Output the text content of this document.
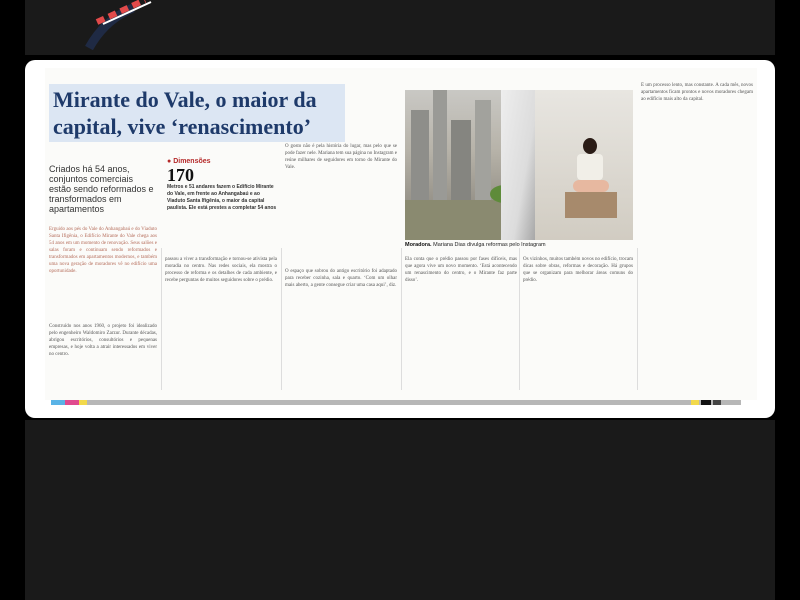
Mirante do Vale, o maior da capital, vive ‘renascimento’
Criados há 54 anos, conjuntos comerciais estão sendo reformados e transformados em apartamentos
● Dimensões
170
Metros e 51 andares fazem o Edifício Mirante do Vale, em frente ao Anhangabaú e ao Viaduto Santa Ifigênia, o maior da capital paulista. Ele está prestes a completar 54 anos
Moradora. Mariana Dias divulga reformas pelo Instagram
Erguido aos pés do Vale do Anhangabaú e do Viaduto Santa Ifigênia, o Edifício Mirante do Vale chega aos 54 anos em um momento de renovação. Seus salões e salas foram e continuam sendo reformados e transformados em apartamentos modernos, e também uma nova geração de moradores vê no edifício uma oportunidade.
Construído nos anos 1960, o projeto foi idealizado pelo engenheiro Waldomiro Zarzur. Durante décadas, abrigou escritórios, consultórios e pequenas empresas, e hoje volta a atrair interessados em viver no centro.
passou a viver a transformação e tornou-se ativista pela moradia no centro. Nas redes sociais, ela mostra o processo de reforma e os detalhes de cada ambiente, e recebe perguntas de muitos seguidores sobre o prédio.
O gosto não é pela história do lugar, mas pelo que se pode fazer nele. Mariana tem sua página no Instagram e reúne milhares de seguidores em torno do Mirante do Vale.
O espaço que sobrou do antigo escritório foi adaptado para receber cozinha, sala e quarto. ‘Com um olhar mais aberto, a gente consegue criar uma casa aqui’, diz.
Ela conta que o prédio passou por fases difíceis, mas que agora vive um novo momento. ‘Está acontecendo um renascimento do centro, e o Mirante faz parte disso’.
Os vizinhos, muitos também novos no edifício, trocam dicas sobre obras, reformas e decoração. Há grupos que se organizam para melhorar áreas comuns do prédio.
É um processo lento, mas constante. A cada mês, novos apartamentos ficam prontos e novos moradores chegam ao edifício mais alto da capital.
